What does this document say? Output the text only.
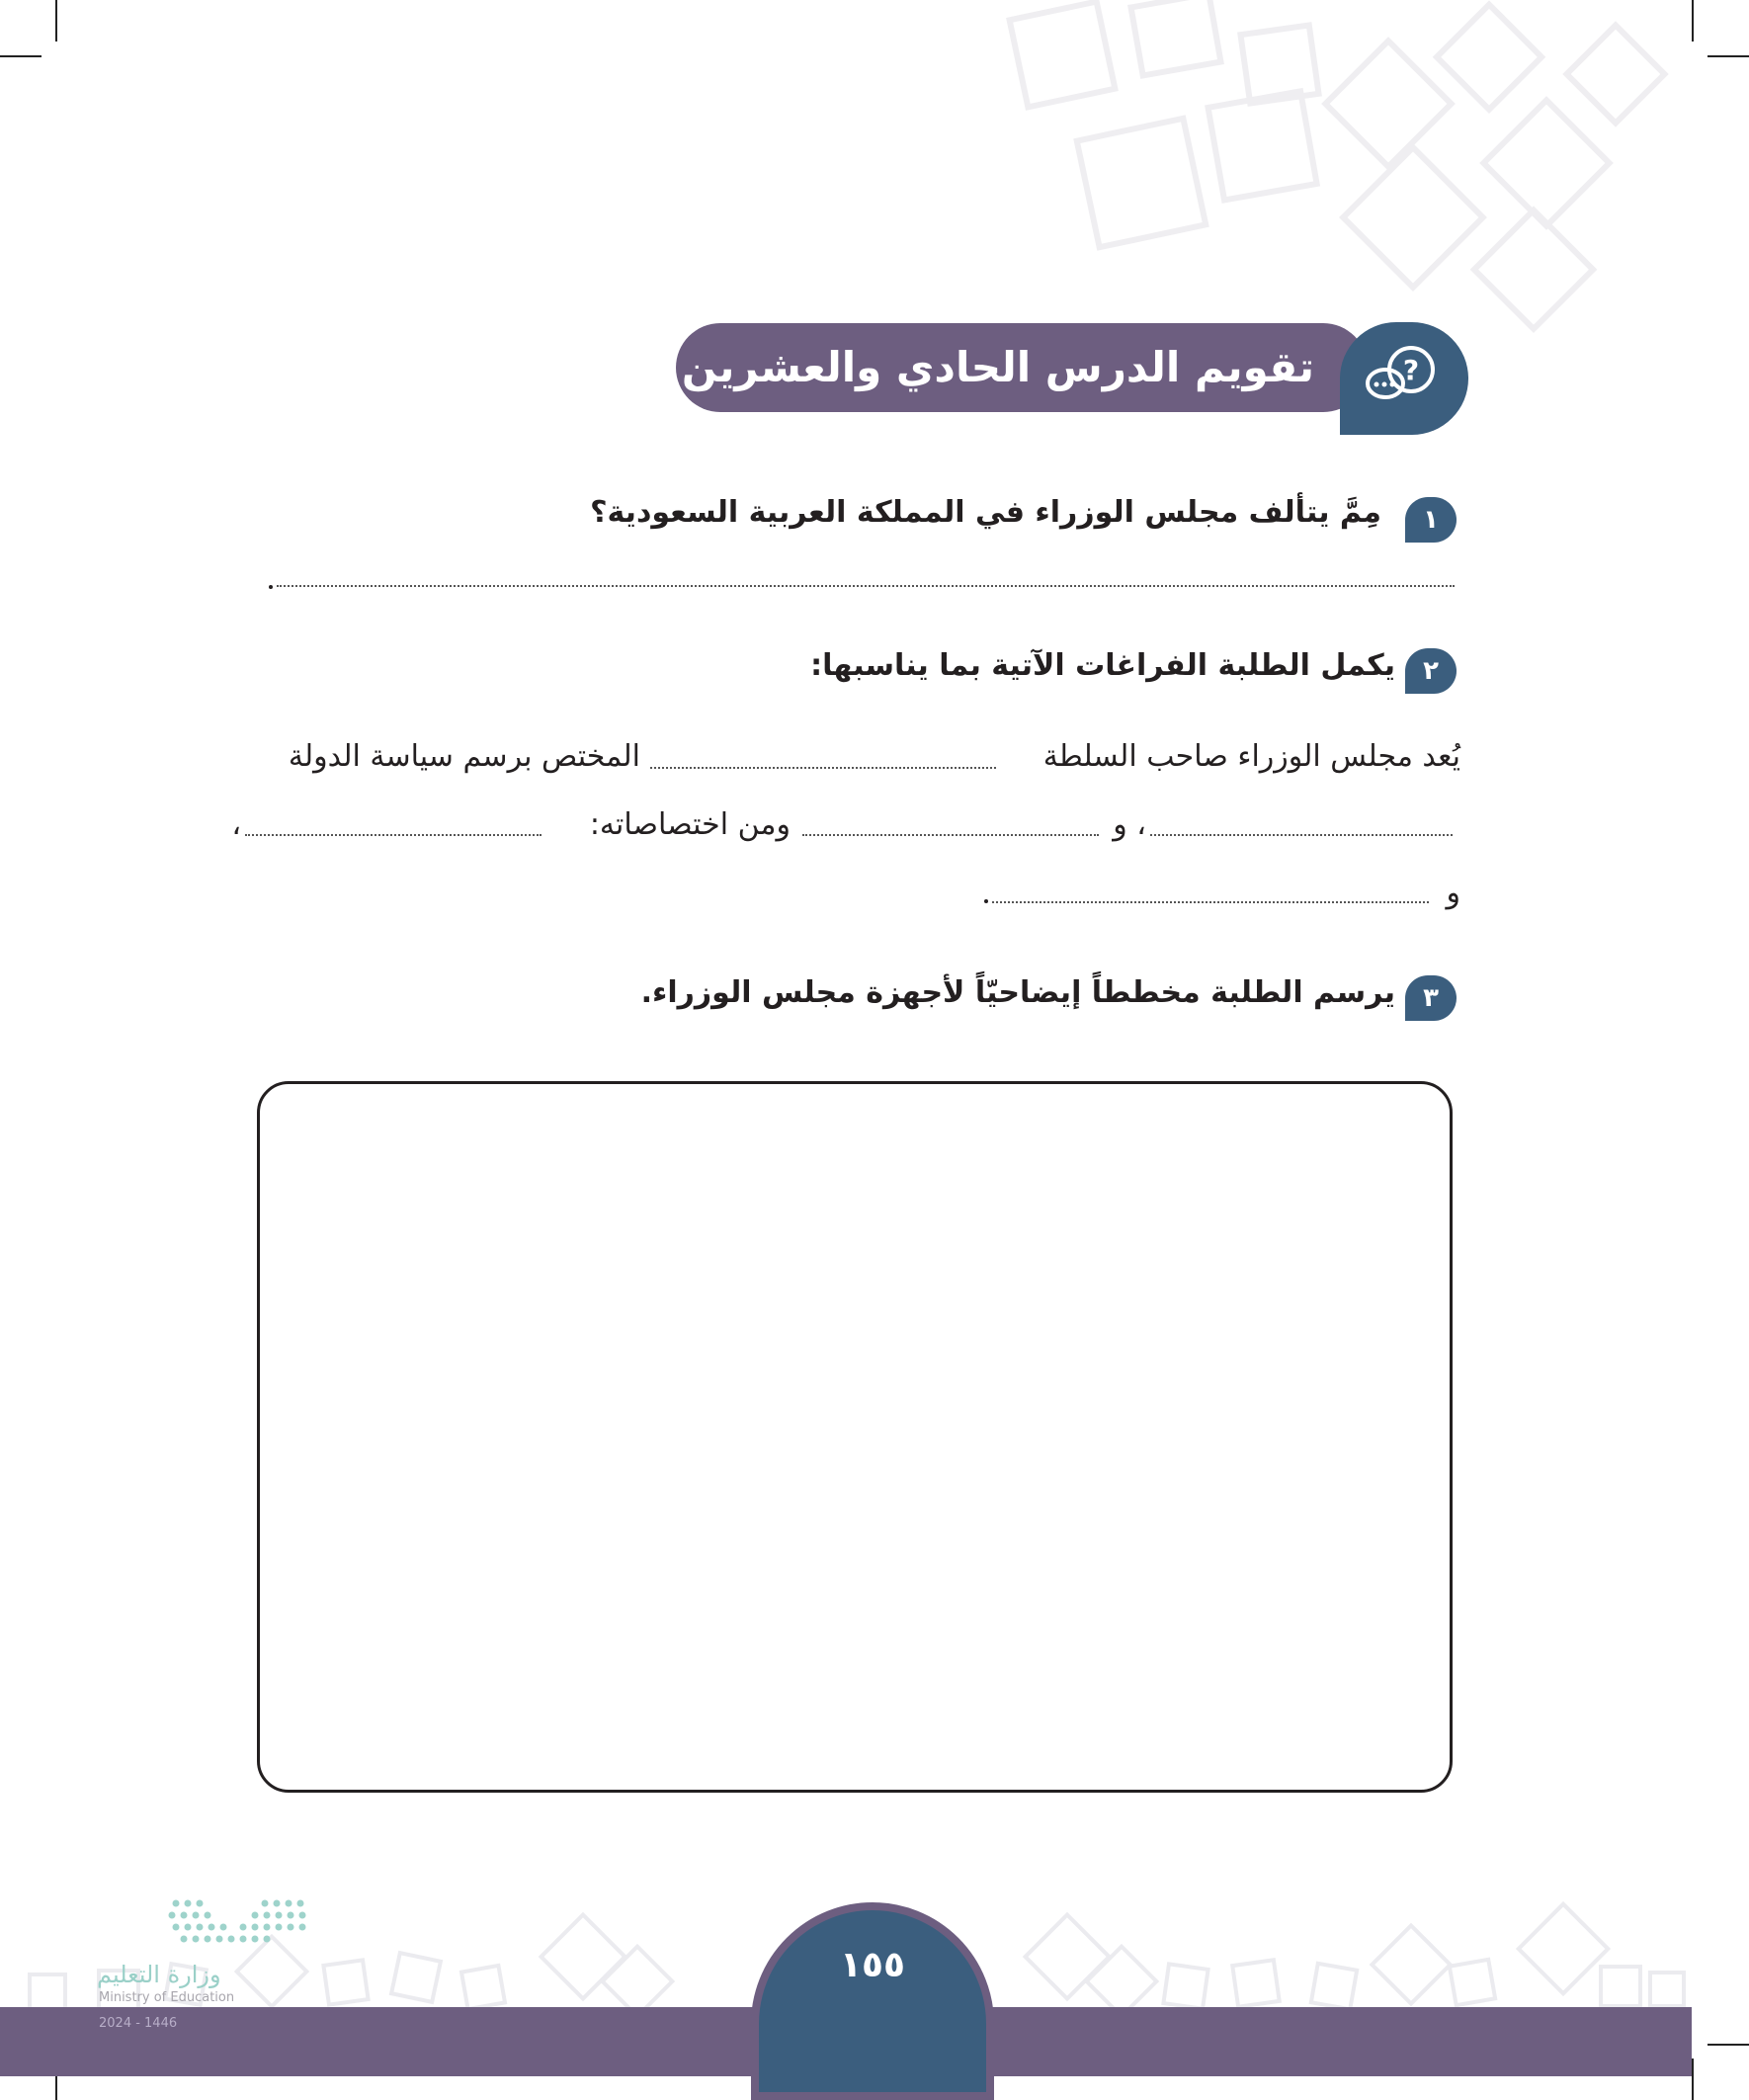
تقويم الدرس الحادي والعشرين	?
١
مِمَّ يتألف مجلس الوزراء في المملكة العربية السعودية؟
٢
يكمل الطلبة الفراغات الآتية بما يناسبها:
يُعد مجلس الوزراء صاحب السلطة
المختص برسم سياسة الدولة
، و
ومن اختصاصاته:
،
و
٣
يرسم الطلبة مخططاً إيضاحيّاً لأجهزة مجلس الوزراء.
١٥٥
وزارة التعليم
Ministry of Education
2024 - 1446
